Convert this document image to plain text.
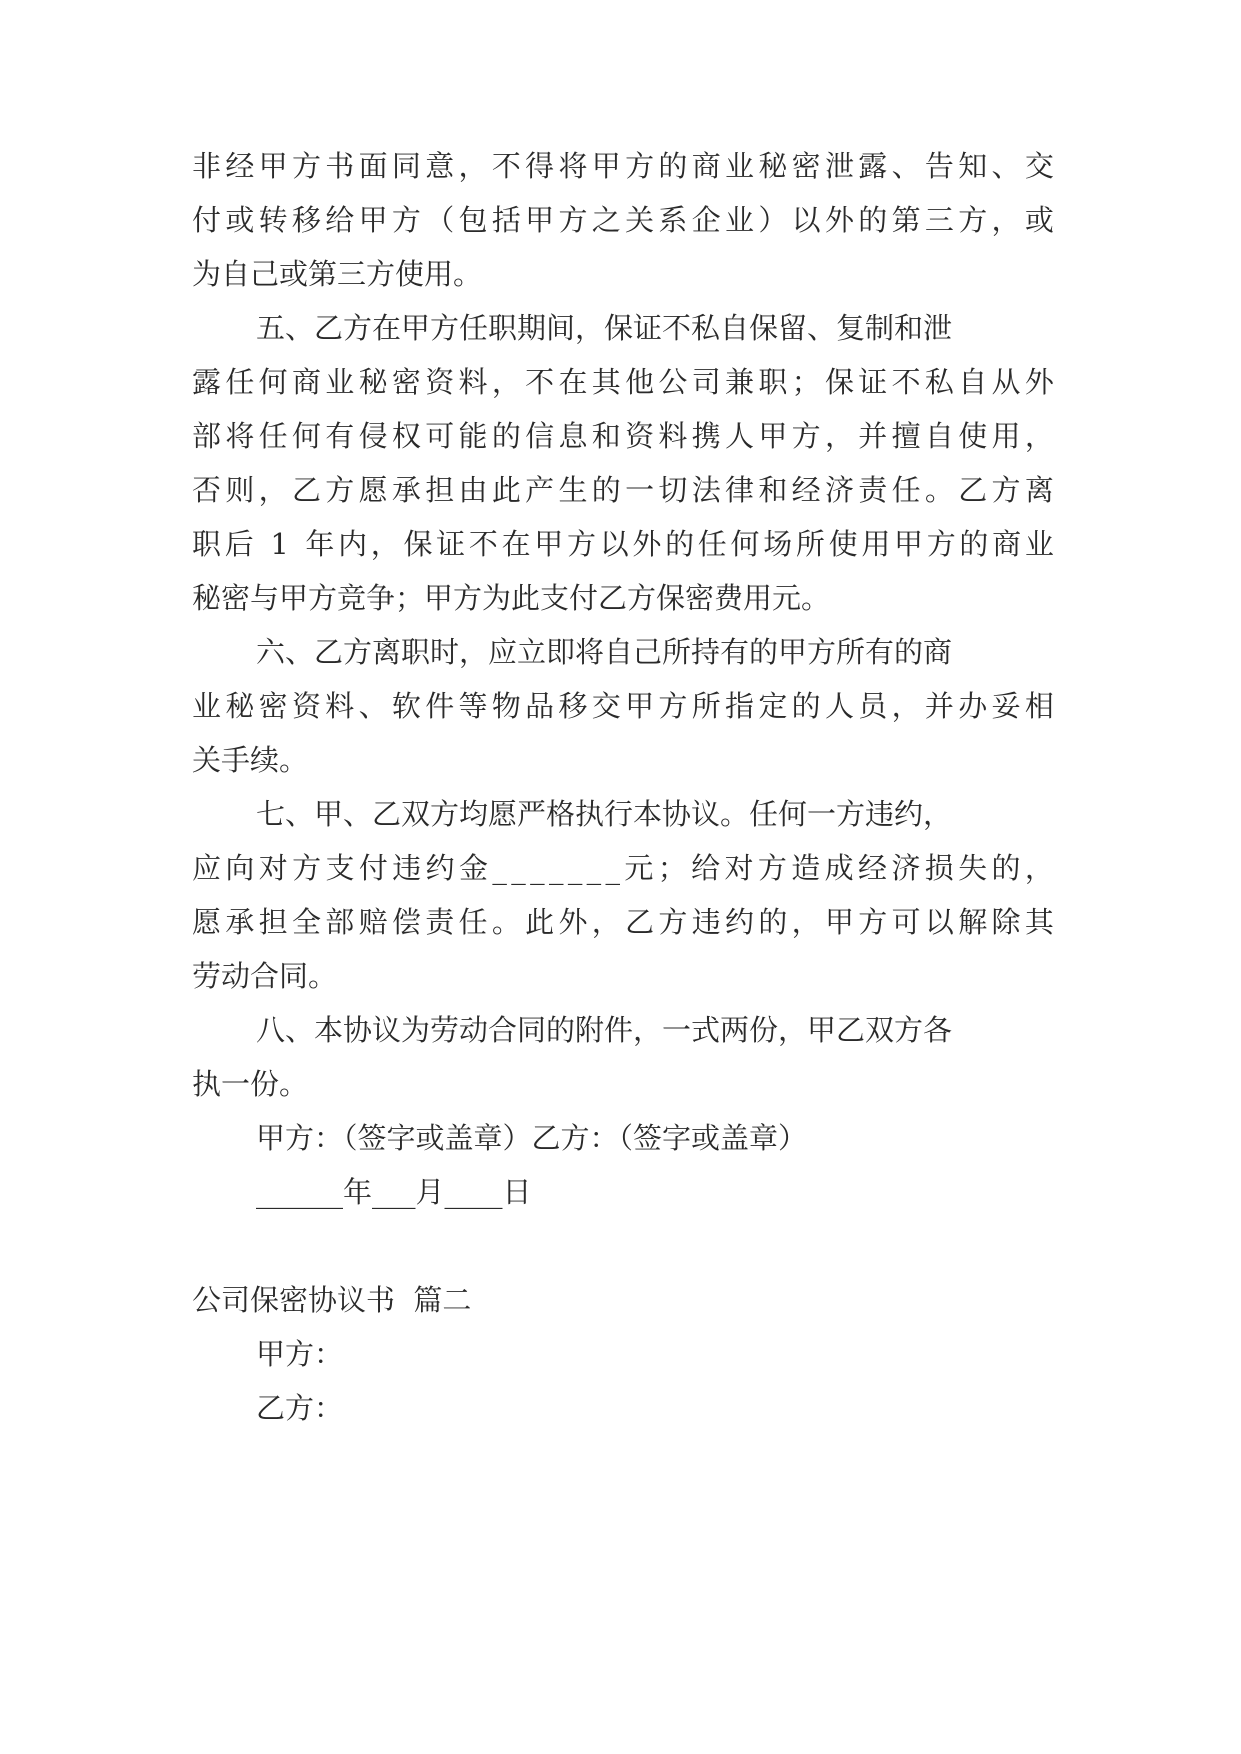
非 经 甲 方 书 面 同 意 ， 不 得 将 甲 方 的 商 业 秘 密 泄 露 、 告 知 、 交
付 或 转 移 给 甲 方 （ 包 括 甲 方 之 关 系 企 业 ） 以 外 的 第 三 方 ， 或
为自己或第三方使用。
五、乙方在甲方任职期间，保证不私自保留、复制和泄
露 任 何 商 业 秘 密 资 料 ， 不 在 其 他 公 司 兼 职 ； 保 证 不 私 自 从 外
部 将 任 何 有 侵 权 可 能 的 信 息 和 资 料 携 人 甲 方 ， 并 擅 自 使 用 ，
否 则 ， 乙 方 愿 承 担 由 此 产 生 的 一 切 法 律 和 经 济 责 任 。 乙 方 离
职 后
1
年 内 ， 保 证 不 在 甲 方 以 外 的 任 何 场 所 使 用 甲 方 的 商 业
秘密与甲方竞争；甲方为此支付乙方保密费用元。
六、乙方离职时，应立即将自己所持有的甲方所有的商
业 秘 密 资 料 、 软 件 等 物 品 移 交 甲 方 所 指 定 的 人 员 ， 并 办 妥 相
关手续。
七、甲、乙双方均愿严格执行本协议。任何一方违约，
应 向 对 方 支 付 违 约 金 _ _ _ _ _ _ _ 元 ； 给 对 方 造 成 经 济 损 失 的 ，
愿 承 担 全 部 赔 偿 责 任 。 此 外 ， 乙 方 违 约 的 ， 甲 方 可 以 解 除 其
劳动合同。
八、本协议为劳动合同的附件，一式两份，甲乙双方各
执一份。
甲方：（签字或盖章）乙方：（签字或盖章）
______年___月____日
公司保密协议书  篇二
甲方：
乙方：
